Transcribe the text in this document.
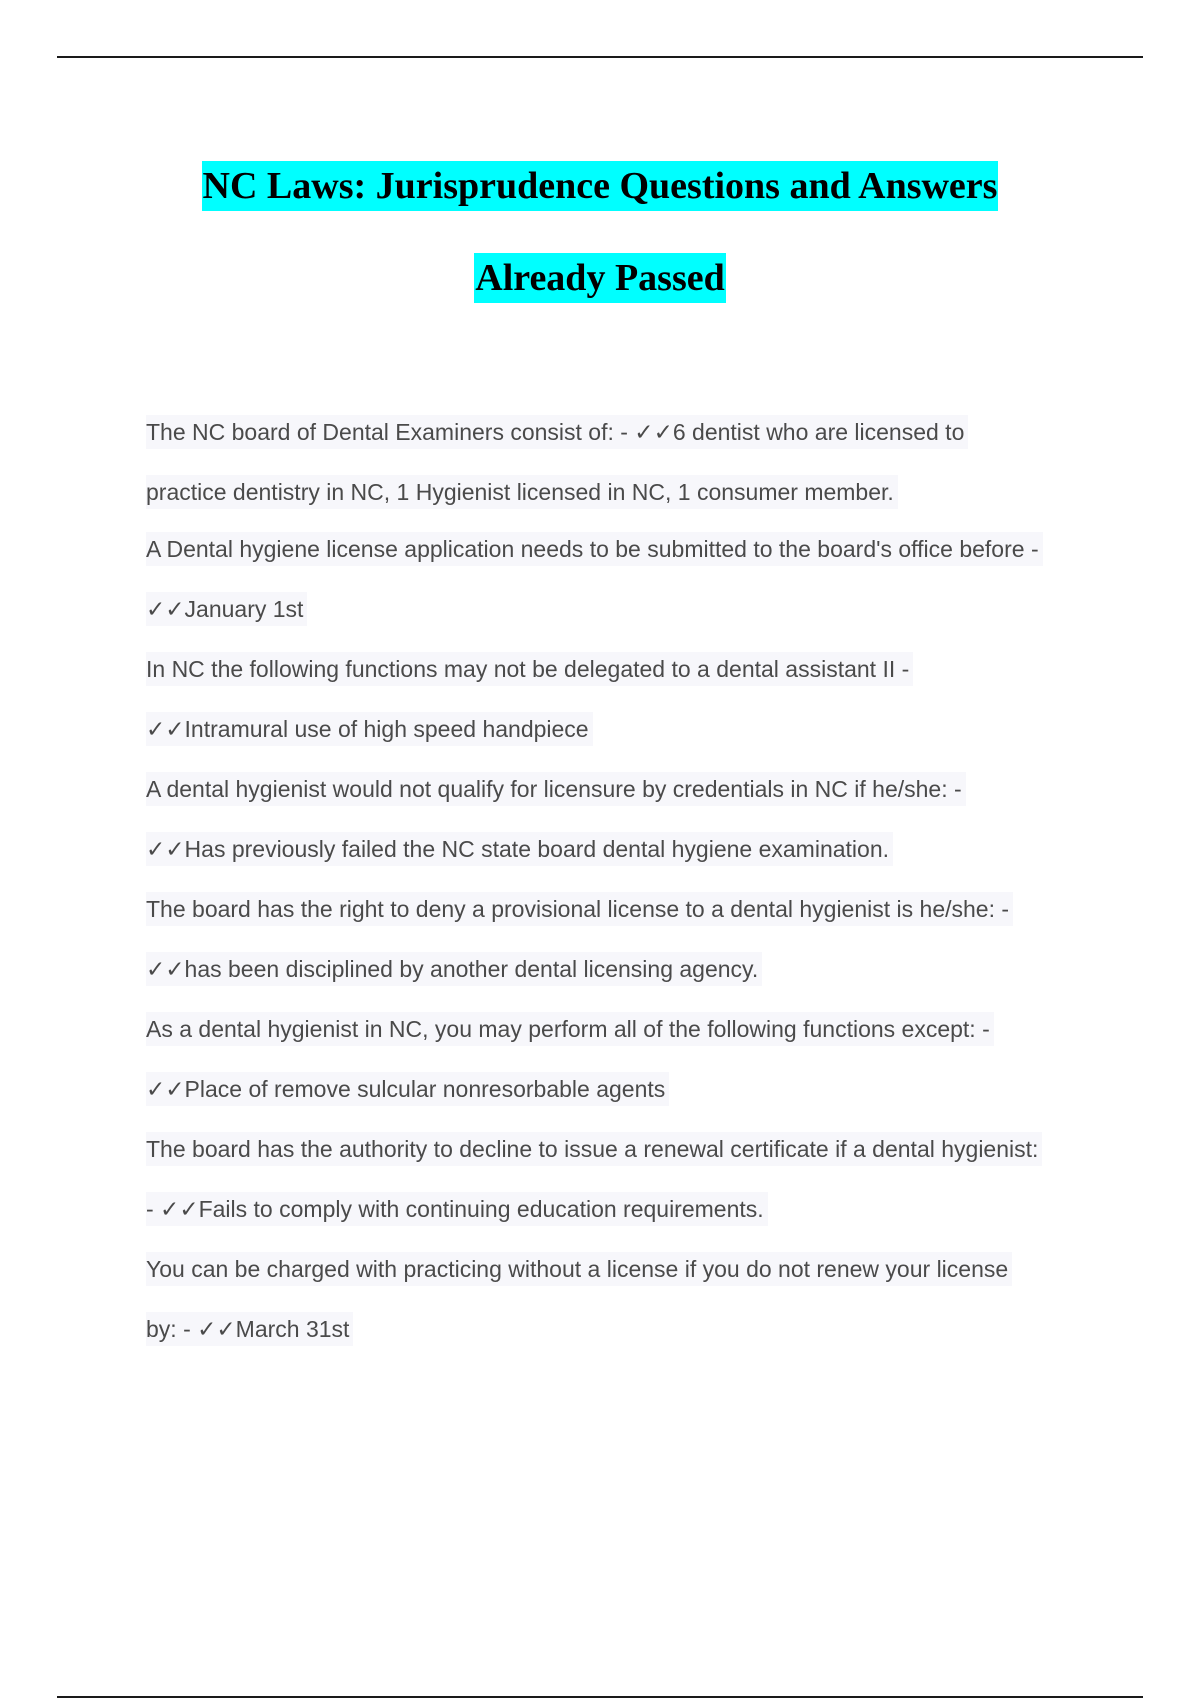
NC Laws: Jurisprudence Questions and Answers
Already Passed
The NC board of Dental Examiners consist of: - ✓✓6 dentist who are licensed to
practice dentistry in NC, 1 Hygienist licensed in NC, 1 consumer member.
A Dental hygiene license application needs to be submitted to the board's office before -
✓✓January 1st
In NC the following functions may not be delegated to a dental assistant II -
✓✓Intramural use of high speed handpiece
A dental hygienist would not qualify for licensure by credentials in NC if he/she: -
✓✓Has previously failed the NC state board dental hygiene examination.
The board has the right to deny a provisional license to a dental hygienist is he/she: -
✓✓has been disciplined by another dental licensing agency.
As a dental hygienist in NC, you may perform all of the following functions except: -
✓✓Place of remove sulcular nonresorbable agents
The board has the authority to decline to issue a renewal certificate if a dental hygienist:
- ✓✓Fails to comply with continuing education requirements.
You can be charged with practicing without a license if you do not renew your license
by: - ✓✓March 31st
